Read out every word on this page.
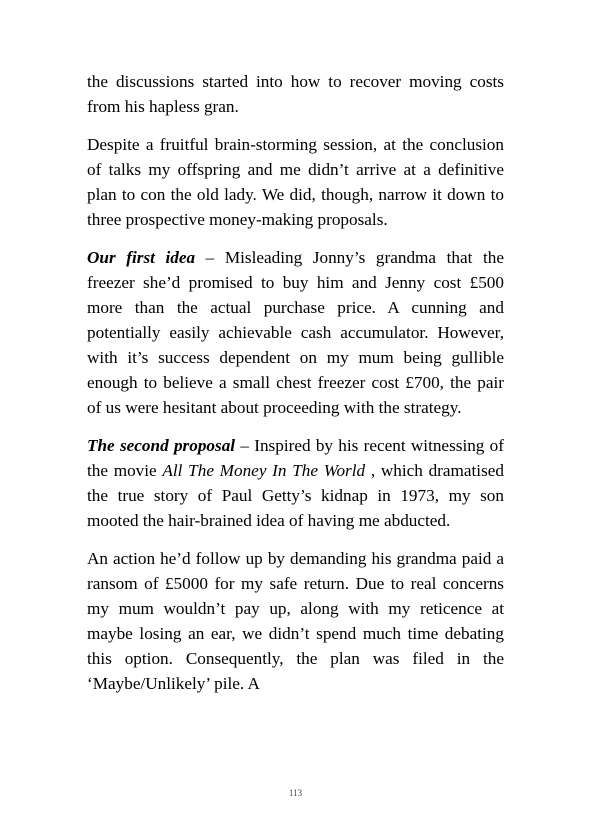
the discussions started into how to recover moving costs from his hapless gran.

Despite a fruitful brain-storming session, at the conclusion of talks my offspring and me didn’t arrive at a definitive plan to con the old lady. We did, though, narrow it down to three prospective money-making proposals.

Our first idea – Misleading Jonny’s grandma that the freezer she’d promised to buy him and Jenny cost £500 more than the actual purchase price. A cunning and potentially easily achievable cash accumulator. However, with it’s success dependent on my mum being gullible enough to believe a small chest freezer cost £700, the pair of us were hesitant about proceeding with the strategy.

The second proposal – Inspired by his recent witnessing of the movie All The Money In The World , which dramatised the true story of Paul Getty’s kidnap in 1973, my son mooted the hair-brained idea of having me abducted.

An action he’d follow up by demanding his grandma paid a ransom of £5000 for my safe return. Due to real concerns my mum wouldn’t pay up, along with my reticence at maybe losing an ear, we didn’t spend much time debating this option. Consequently, the plan was filed in the ‘Maybe/Unlikely’ pile. A

113
